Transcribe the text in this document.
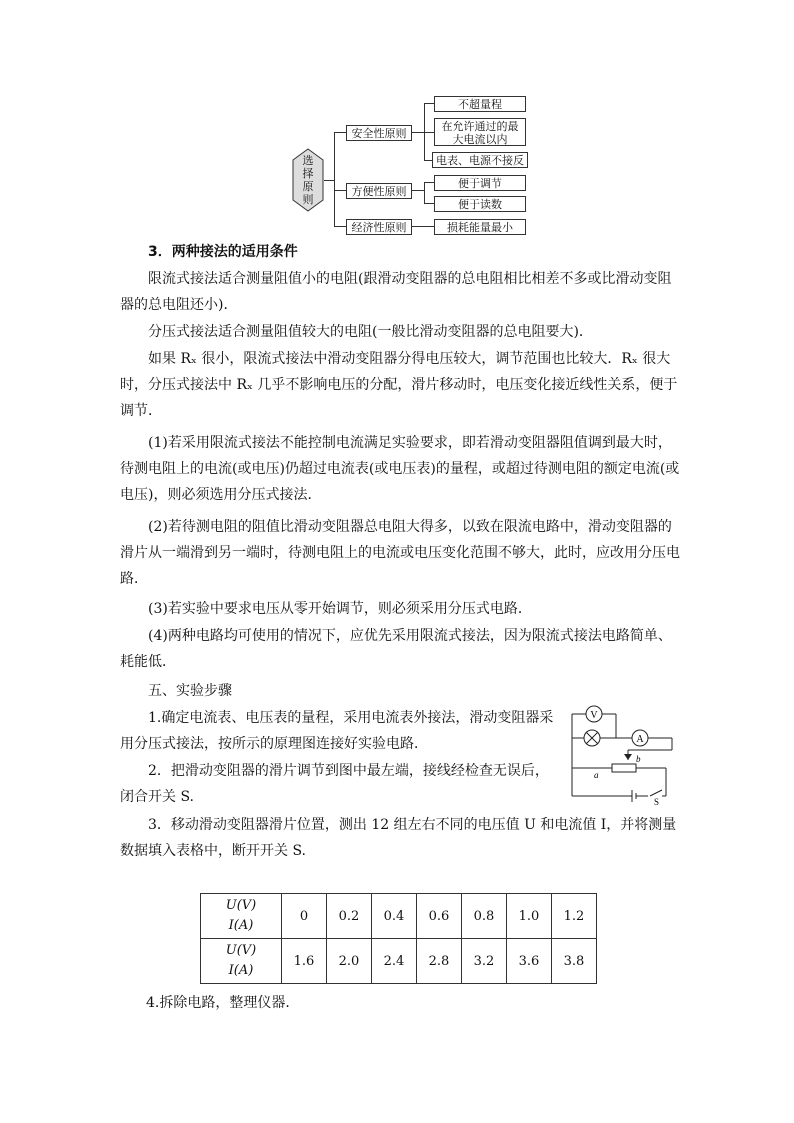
选择原则
安全性原则
方便性原则
经济性原则
不超量程
在允许通过的最大电流以内
电表、电源不接反
便于调节
便于读数
损耗能量最小

3．两种接法的适用条件

限流式接法适合测量阻值小的电阻(跟滑动变阻器的总电阻相比相差不多或比滑动变阻器的总电阻还小)．

分压式接法适合测量阻值较大的电阻(一般比滑动变阻器的总电阻要大)．

如果 Rₓ 很小，限流式接法中滑动变阻器分得电压较大，调节范围也比较大．Rₓ 很大时，分压式接法中 Rₓ 几乎不影响电压的分配，滑片移动时，电压变化接近线性关系，便于调节．

(1)若采用限流式接法不能控制电流满足实验要求，即若滑动变阻器阻值调到最大时，待测电阻上的电流(或电压)仍超过电流表(或电压表)的量程，或超过待测电阻的额定电流(或电压)，则必须选用分压式接法．

(2)若待测电阻的阻值比滑动变阻器总电阻大得多，以致在限流电路中，滑动变阻器的滑片从一端滑到另一端时，待测电阻上的电流或电压变化范围不够大，此时，应改用分压电路．

(3)若实验中要求电压从零开始调节，则必须采用分压式电路．

(4)两种电路均可使用的情况下，应优先采用限流式接法，因为限流式接法电路简单、耗能低．

五、实验步骤

1.确定电流表、电压表的量程，采用电流表外接法，滑动变阻器采用分压式接法，按所示的原理图连接好实验电路．

2．把滑动变阻器的滑片调节到图中最左端，接线经检查无误后，闭合开关 S.

3．移动滑动变阻器滑片位置，测出 12 组左右不同的电压值 U 和电流值 I，并将测量数据填入表格中，断开开关 S.

V
A
a
b
S
U(V)
I(A)	0	0.2	0.4	0.6	0.8	1.0	1.2

U(V)
I(A)	1.6	2.0	2.4	2.8	3.2	3.6	3.8

4.拆除电路，整理仪器．
